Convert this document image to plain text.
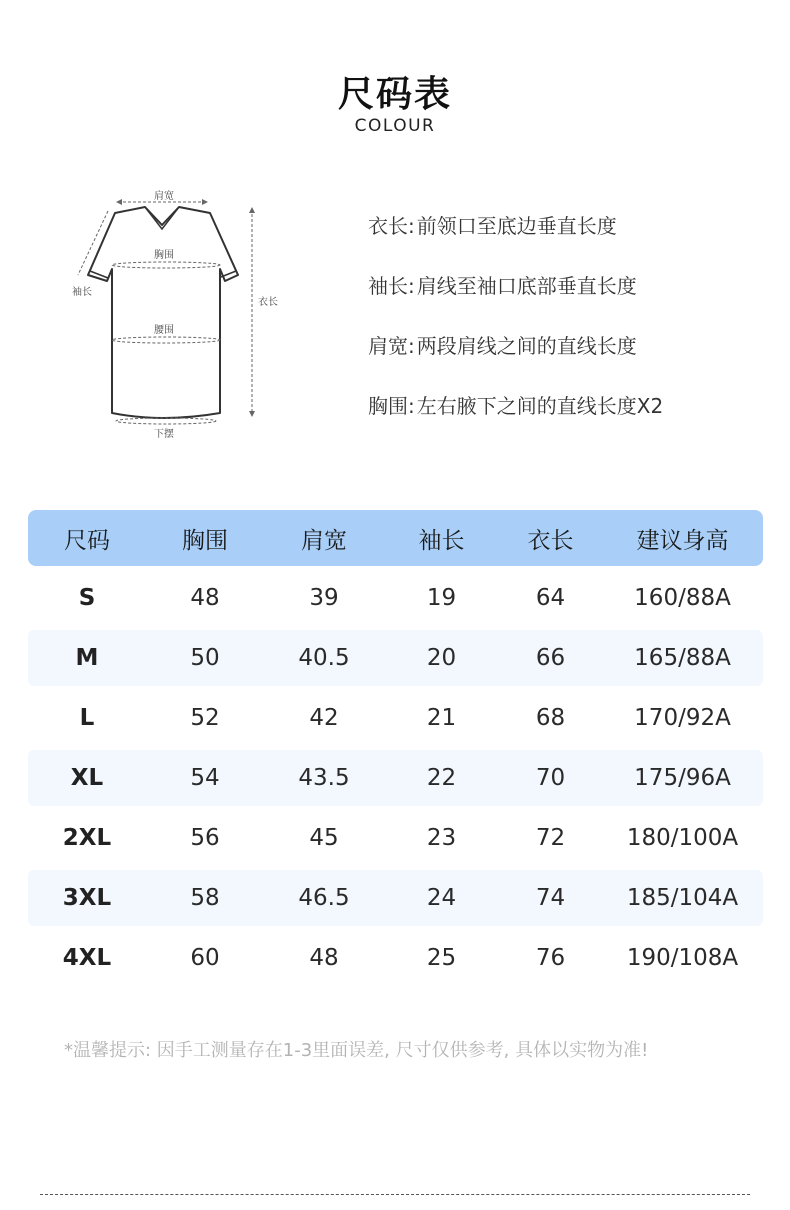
尺码表
COLOUR
肩宽
胸围
腰围
下摆
袖长
衣长
衣长: 前领口至底边垂直长度
袖长: 肩线至袖口底部垂直长度
肩宽: 两段肩线之间的直线长度
胸围: 左右腋下之间的直线长度X2
尺码	胸围	肩宽	袖长	衣长	建议身高
S	48	39	19	64	160/88A
M	50	40.5	20	66	165/88A
L	52	42	21	68	170/92A
XL	54	43.5	22	70	175/96A
2XL	56	45	23	72	180/100A
3XL	58	46.5	24	74	185/104A
4XL	60	48	25	76	190/108A
*温馨提示: 因手工测量存在1-3里面误差, 尺寸仅供参考, 具体以实物为准!
